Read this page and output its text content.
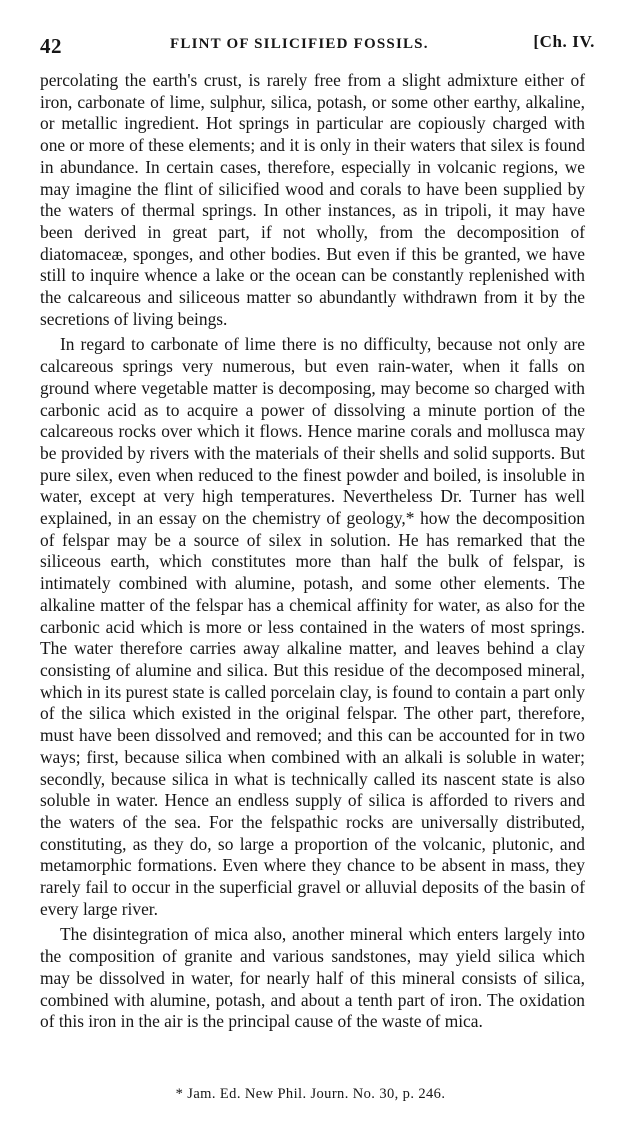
42	FLINT OF SILICIFIED FOSSILS.	[Ch. IV.

percolating the earth's crust, is rarely free from a slight admixture either of iron, carbonate of lime, sulphur, silica, potash, or some other earthy, alkaline, or metallic ingredient. Hot springs in particular are copiously charged with one or more of these elements; and it is only in their waters that silex is found in abundance. In certain cases, therefore, especially in volcanic regions, we may imagine the flint of silicified wood and corals to have been supplied by the waters of thermal springs. In other instances, as in tripoli, it may have been derived in great part, if not wholly, from the decomposition of diatomaceæ, sponges, and other bodies. But even if this be granted, we have still to inquire whence a lake or the ocean can be constantly replenished with the calcareous and siliceous matter so abundantly withdrawn from it by the secretions of living beings.

In regard to carbonate of lime there is no difficulty, because not only are calcareous springs very numerous, but even rain-water, when it falls on ground where vegetable matter is decomposing, may become so charged with carbonic acid as to acquire a power of dissolving a minute portion of the calcareous rocks over which it flows. Hence marine corals and mollusca may be provided by rivers with the materials of their shells and solid supports. But pure silex, even when reduced to the finest powder and boiled, is insoluble in water, except at very high temperatures. Nevertheless Dr. Turner has well explained, in an essay on the chemistry of geology,* how the decomposition of felspar may be a source of silex in solution. He has remarked that the siliceous earth, which constitutes more than half the bulk of felspar, is intimately combined with alumine, potash, and some other elements. The alkaline matter of the felspar has a chemical affinity for water, as also for the carbonic acid which is more or less contained in the waters of most springs. The water therefore carries away alkaline matter, and leaves behind a clay consisting of alumine and silica. But this residue of the decomposed mineral, which in its purest state is called porcelain clay, is found to contain a part only of the silica which existed in the original felspar. The other part, therefore, must have been dissolved and removed; and this can be accounted for in two ways; first, because silica when combined with an alkali is soluble in water; secondly, because silica in what is technically called its nascent state is also soluble in water. Hence an endless supply of silica is afforded to rivers and the waters of the sea. For the felspathic rocks are universally distributed, constituting, as they do, so large a proportion of the volcanic, plutonic, and metamorphic formations. Even where they chance to be absent in mass, they rarely fail to occur in the superficial gravel or alluvial deposits of the basin of every large river.

The disintegration of mica also, another mineral which enters largely into the composition of granite and various sandstones, may yield silica which may be dissolved in water, for nearly half of this mineral consists of silica, combined with alumine, potash, and about a tenth part of iron. The oxidation of this iron in the air is the principal cause of the waste of mica.

* Jam. Ed. New Phil. Journ. No. 30, p. 246.
